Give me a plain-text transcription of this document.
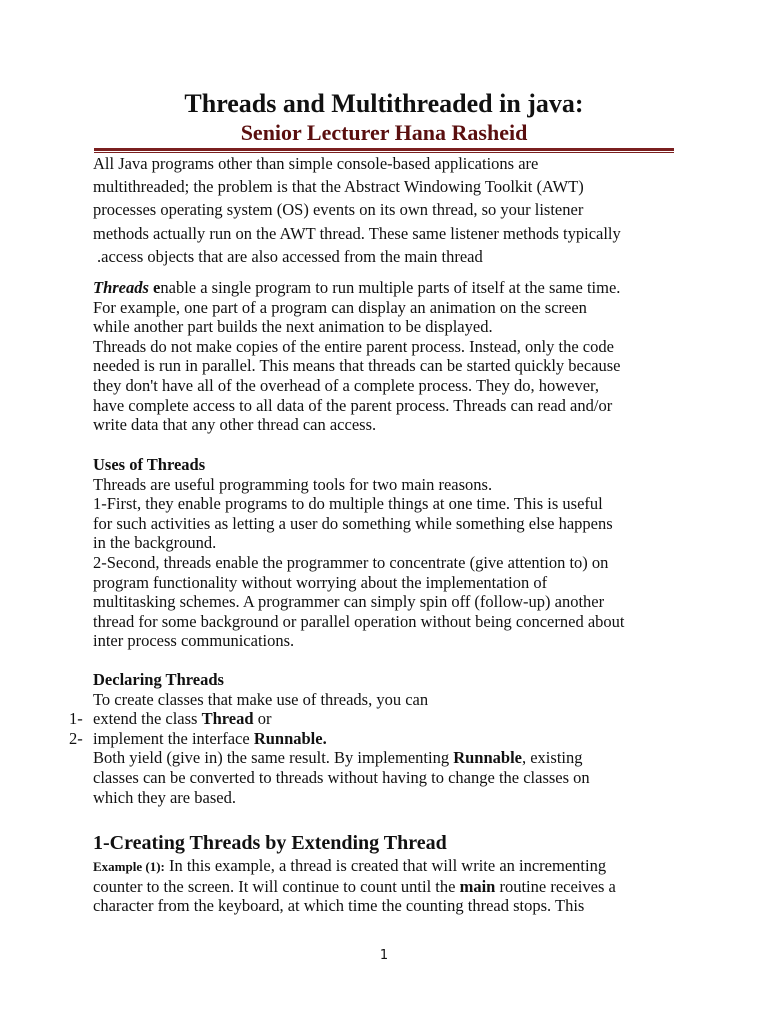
Threads and Multithreaded in java:
Senior Lecturer Hana Rasheid
All Java programs other than simple console-based applications are
multithreaded; the problem is that the Abstract Windowing Toolkit (AWT)
processes operating system (OS) events on its own thread, so your listener
methods actually run on the AWT thread. These same listener methods typically
.access objects that are also accessed from the main thread
Threads enable a single program to run multiple parts of itself at the same time.
For example, one part of a program can display an animation on the screen
while another part builds the next animation to be displayed.
Threads do not make copies of the entire parent process. Instead, only the code
needed is run in parallel. This means that threads can be started quickly because
they don't have all of the overhead of a complete process. They do, however,
have complete access to all data of the parent process. Threads can read and/or
write data that any other thread can access.
Uses of Threads
Threads are useful programming tools for two main reasons.
1-First, they enable programs to do multiple things at one time. This is useful
for such activities as letting a user do something while something else happens
in the background.
2-Second, threads enable the programmer to concentrate (give attention to) on
program functionality without worrying about the implementation of
multitasking schemes. A programmer can simply spin off (follow-up) another
thread for some background or parallel operation without being concerned about
inter process communications.
Declaring Threads
To create classes that make use of threads, you can
1- extend the class Thread or
2- implement the interface Runnable.
Both yield (give in) the same result. By implementing Runnable, existing
classes can be converted to threads without having to change the classes on
which they are based.
1-Creating Threads by Extending Thread
Example (1): In this example, a thread is created that will write an incrementing
counter to the screen. It will continue to count until the main routine receives a
character from the keyboard, at which time the counting thread stops. This
1
